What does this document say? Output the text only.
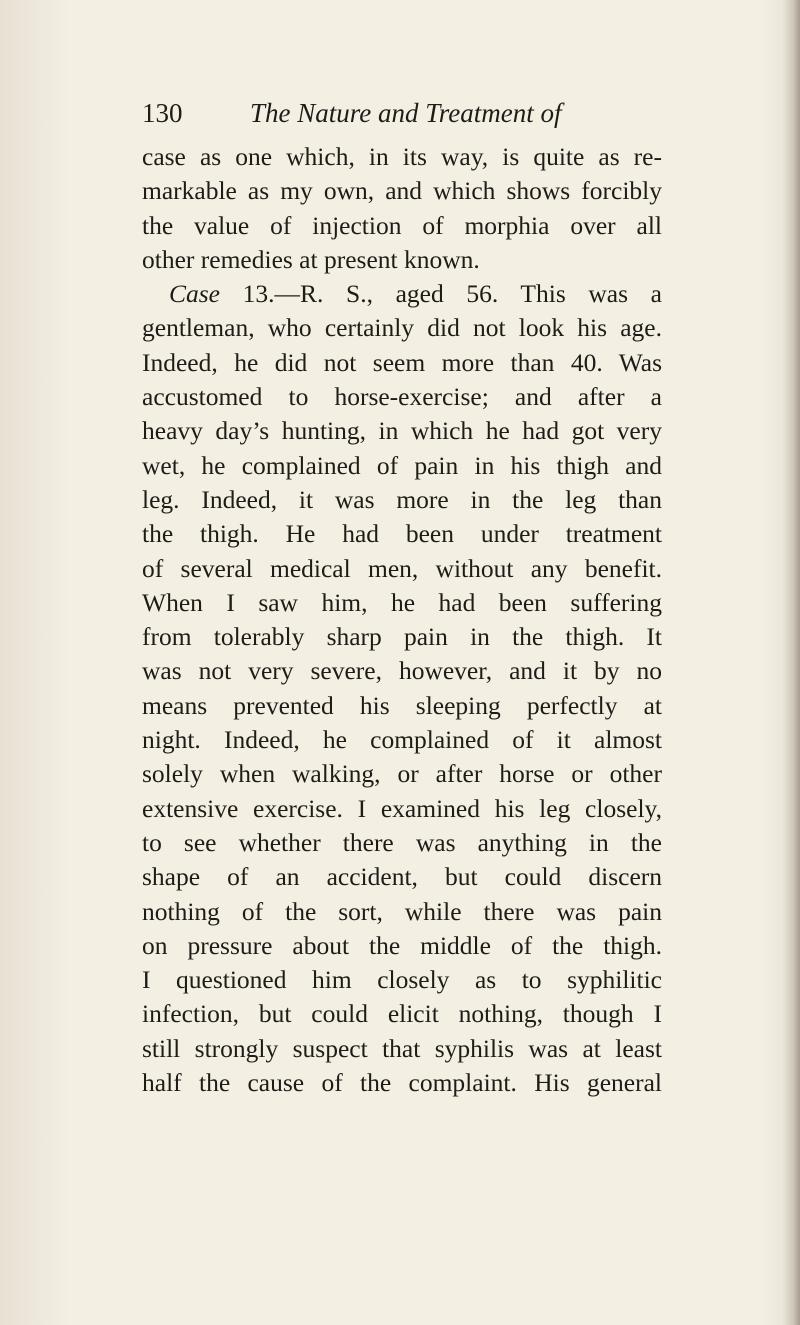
130	The Nature and Treatment of
case as one which, in its way, is quite as re-
markable as my own, and which shows forcibly
the value of injection of morphia over all
other remedies at present known.
Case 13.—R. S., aged 56. This was a
gentleman, who certainly did not look his age.
Indeed, he did not seem more than 40. Was
accustomed to horse-exercise; and after a
heavy day’s hunting, in which he had got very
wet, he complained of pain in his thigh and
leg. Indeed, it was more in the leg than
the thigh. He had been under treatment
of several medical men, without any benefit.
When I saw him, he had been suffering
from tolerably sharp pain in the thigh. It
was not very severe, however, and it by no
means prevented his sleeping perfectly at
night. Indeed, he complained of it almost
solely when walking, or after horse or other
extensive exercise. I examined his leg closely,
to see whether there was anything in the
shape of an accident, but could discern
nothing of the sort, while there was pain
on pressure about the middle of the thigh.
I questioned him closely as to syphilitic
infection, but could elicit nothing, though I
still strongly suspect that syphilis was at least
half the cause of the complaint. His general
